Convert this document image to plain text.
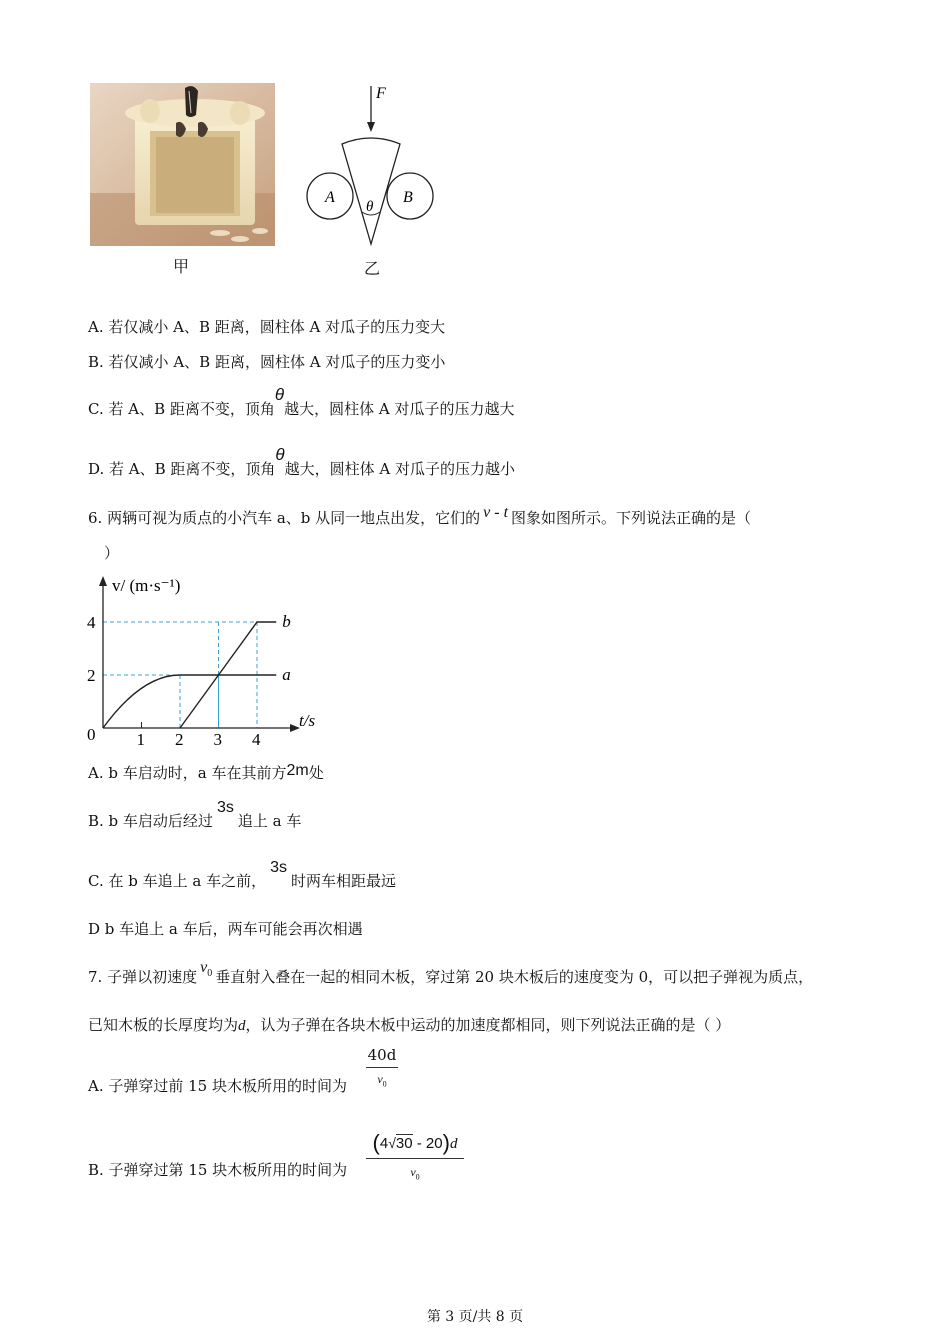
甲
F
A	B
θ
乙
A. 若仅减小 A、B 距离，圆柱体 A 对瓜子的压力变大
B. 若仅减小 A、B 距离，圆柱体 A 对瓜子的压力变小
C. 若 A、B 距离不变，顶角θ越大，圆柱体 A 对瓜子的压力越大
D. 若 A、B 距离不变，顶角θ越大，圆柱体 A 对瓜子的压力越小
6. 两辆可视为质点的小汽车 a、b 从同一地点出发，它们的 v - t 图象如图所示。下列说法正确的是（
）
v/ (m·s⁻¹)
t/s
0 1 2 3 4
2
4
a
b
A. b 车启动时，a 车在其前方2m处
B. b 车启动后经过3s追上 a 车
C. 在 b 车追上 a 车之前，3s时两车相距最远
D b 车追上 a 车后，两车可能会再次相遇
7. 子弹以初速度$v_0$ 垂直射入叠在一起的相同木板，穿过第 20 块木板后的速度变为 0，可以把子弹视为质点，
已知木板的长厚度均为d，认为子弹在各块木板中运动的加速度都相同，则下列说法正确的是（ ）
A. 子弹穿过前 15 块木板所用的时间为
40d
$v_0$
B. 子弹穿过第 15 块木板所用的时间为
(4√30 - 20)d
$v_0$
第 3 页/共 8 页
